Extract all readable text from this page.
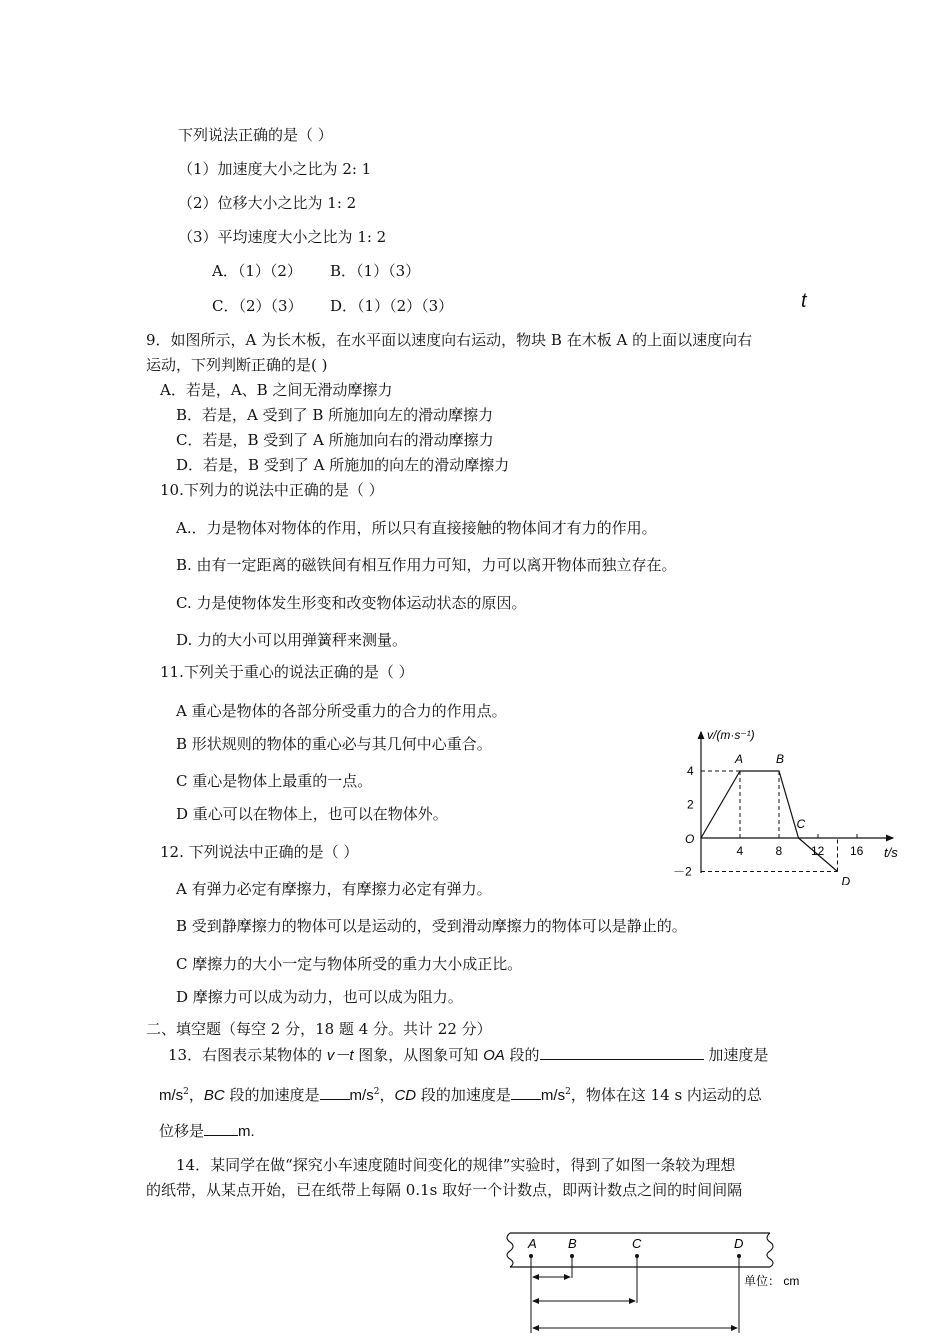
下列说法正确的是（ ）
（1）加速度大小之比为 2: 1
（2）位移大小之比为 1: 2
（3）平均速度大小之比为 1: 2
A．（1）（2） B．（1）（3）
C．（2）（3） D．（1）（2）（3）	t
9．如图所示，A 为长木板，在水平面以速度向右运动，物块 B 在木板 A 的上面以速度向右
运动，下列判断正确的是( )
A．若是，A、B 之间无滑动摩擦力
B．若是，A 受到了 B 所施加向左的滑动摩擦力
C．若是，B 受到了 A 所施加向右的滑动摩擦力
D．若是，B 受到了 A 所施加的向左的滑动摩擦力
10.下列力的说法中正确的是（ ）
A.．力是物体对物体的作用，所以只有直接接触的物体间才有力的作用。
B. 由有一定距离的磁铁间有相互作用力可知，力可以离开物体而独立存在。
C. 力是使物体发生形变和改变物体运动状态的原因。
D. 力的大小可以用弹簧秤来测量。
11.下列关于重心的说法正确的是（ ）
A 重心是物体的各部分所受重力的合力的作用点。
B 形状规则的物体的重心必与其几何中心重合。
C 重心是物体上最重的一点。
D 重心可以在物体上，也可以在物体外。
12. 下列说法中正确的是（ ）
A 有弹力必定有摩擦力，有摩擦力必定有弹力。
B 受到静摩擦力的物体可以是运动的，受到滑动摩擦力的物体可以是静止的。
C 摩擦力的大小一定与物体所受的重力大小成正比。
D 摩擦力可以成为动力，也可以成为阻力。
二、填空题（每空 2 分，18 题 4 分。共计 22 分）
13．右图表示某物体的 v－t 图象，从图象可知 OA 段的	加速度是
$m/s^2$，BC 段的加速度是 $m/s^2$，CD 段的加速度是 $m/s^2$，物体在这 14 s 内运动的总
位移是 m.
14．某同学在做“探究小车速度随时间变化的规律”实验时，得到了如图一条较为理想
的纸带，从某点开始，已在纸带上每隔 0.1s 取好一个计数点，即两计数点之间的时间间隔
v/(m·s⁻¹)
t/s
O
4
2
－2
4	8 12 16
A	B
C
D
A B	C	D
单位： cm
